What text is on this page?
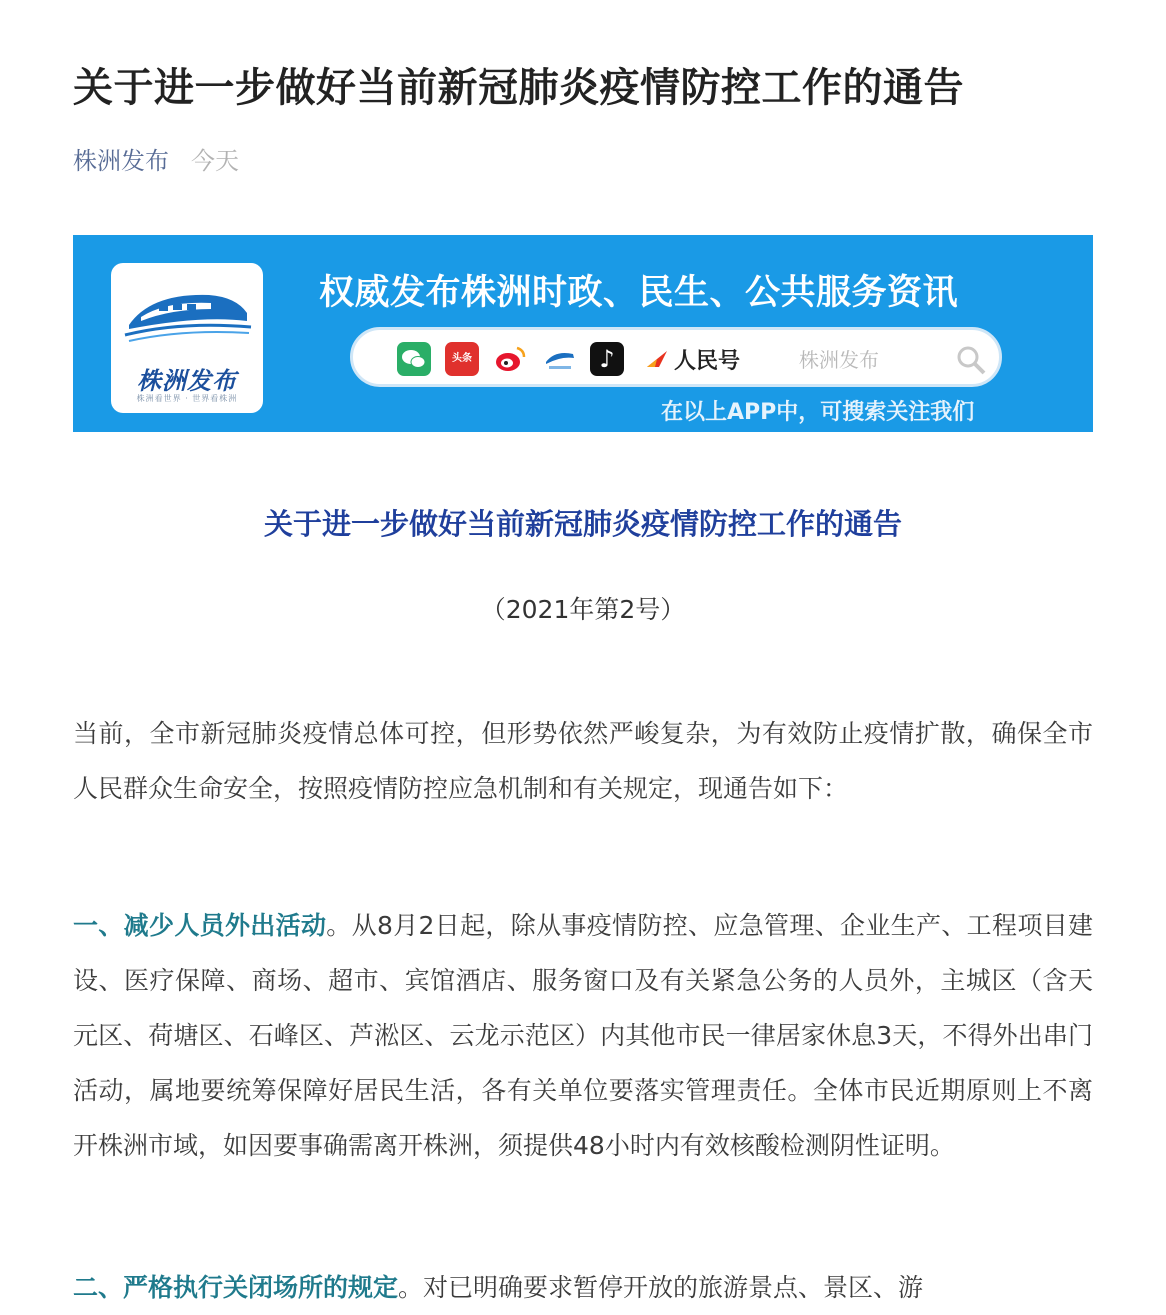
关于进一步做好当前新冠肺炎疫情防控工作的通告
株洲发布 今天
株洲发布
株洲看世界 · 世界看株洲
权威发布株洲时政、民生、公共服务资讯
头条	♪	人民号	株洲发布
在以上APP中，可搜索关注我们
关于进一步做好当前新冠肺炎疫情防控工作的通告
（2021年第2号）

当前，全市新冠肺炎疫情总体可控，但形势依然严峻复杂，为有效防止疫情扩散，确保全市人民群众生命安全，按照疫情防控应急机制和有关规定，现通告如下：

一、减少人员外出活动。从8月2日起，除从事疫情防控、应急管理、企业生产、工程项目建设、医疗保障、商场、超市、宾馆酒店、服务窗口及有关紧急公务的人员外，主城区（含天元区、荷塘区、石峰区、芦淞区、云龙示范区）内其他市民一律居家休息3天，不得外出串门活动，属地要统筹保障好居民生活，各有关单位要落实管理责任。全体市民近期原则上不离开株洲市域，如因要事确需离开株洲，须提供48小时内有效核酸检测阴性证明。

二、严格执行关闭场所的规定。对已明确要求暂停开放的旅游景点、景区、游
